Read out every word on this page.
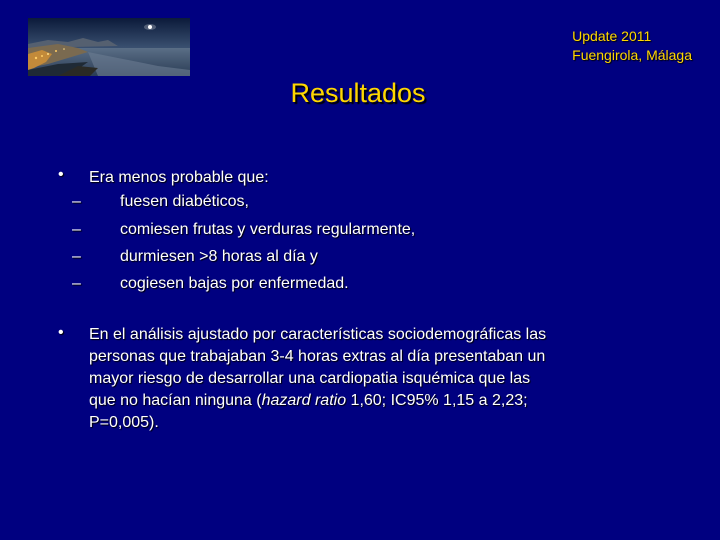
Update 2011
Fuengirola, Málaga
Resultados
•	Era menos probable que:
–	fuesen diabéticos,
–	comiesen frutas y verduras regularmente,
–	durmiesen >8 horas al día y
–	cogiesen bajas por enfermedad.
•	En el análisis ajustado por características sociodemográficas las
personas que trabajaban 3-4 horas extras al día presentaban un
mayor riesgo de desarrollar una cardiopatia isquémica que las
que no hacían ninguna (hazard ratio 1,60; IC95% 1,15 a 2,23;
P=0,005).
